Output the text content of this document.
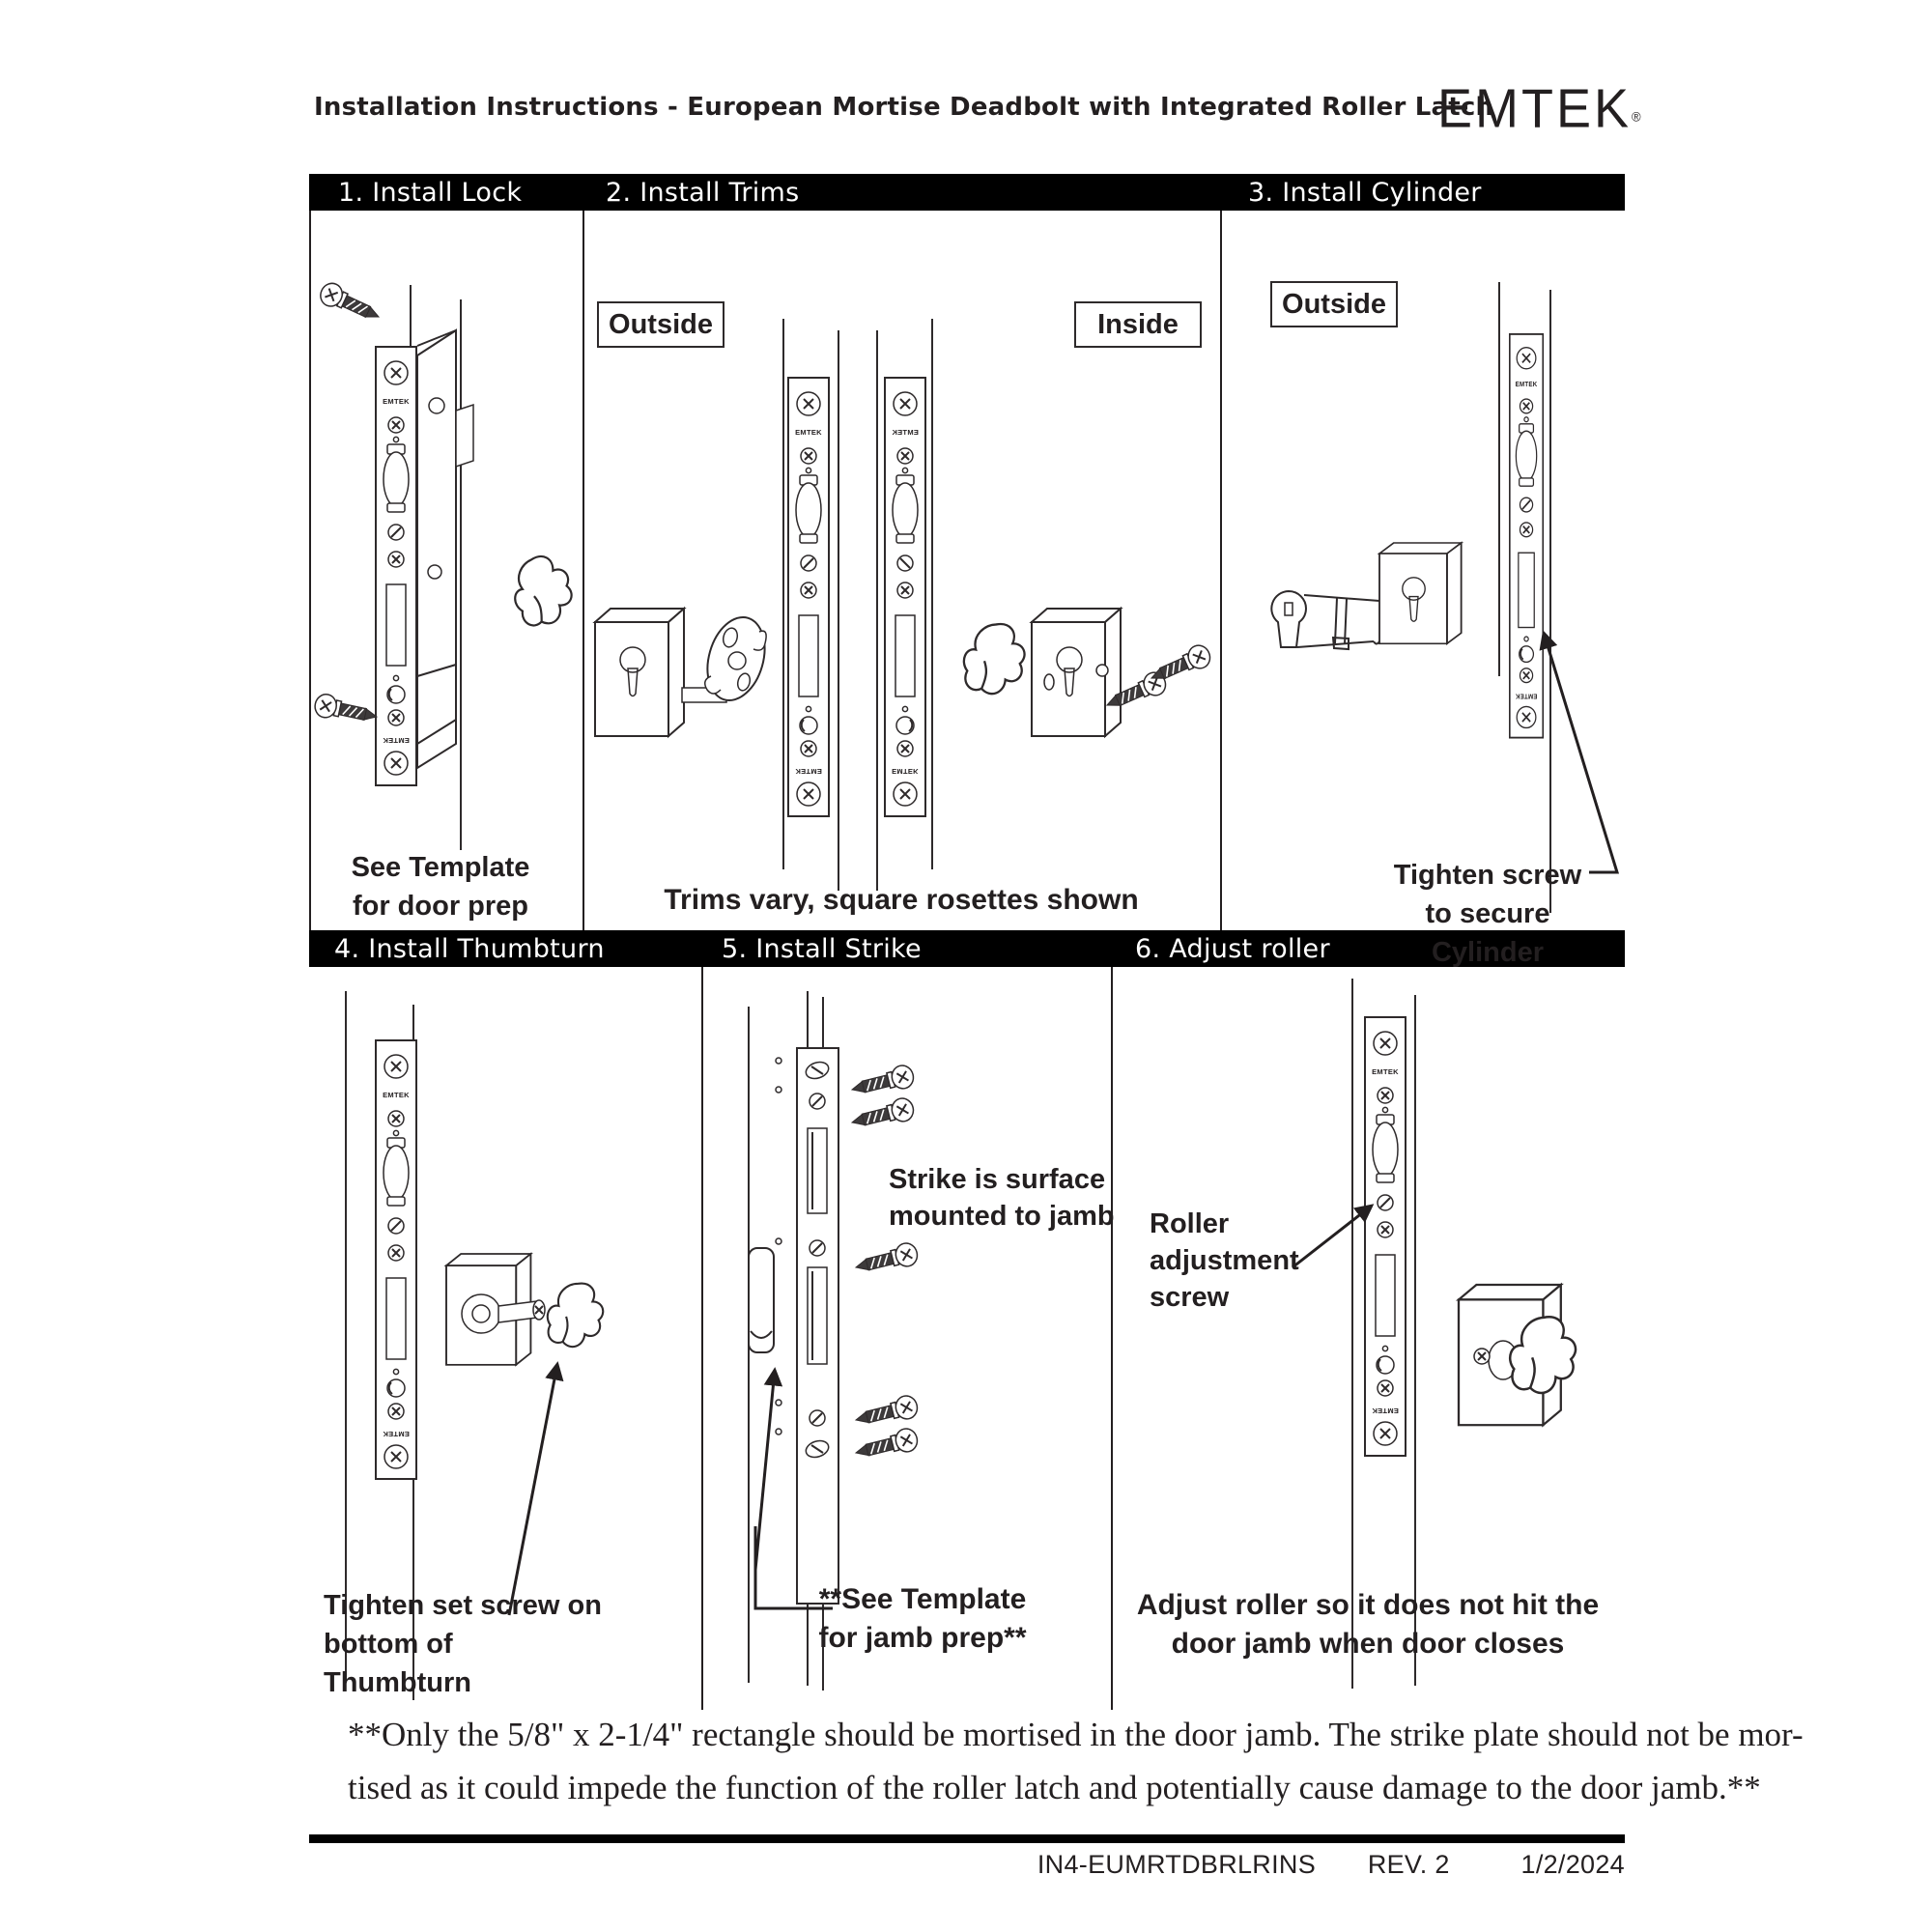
Installation Instructions - European Mortise Deadbolt with Integrated Roller Latch
EMTEK®
1. Install Lock	2. Install Trims	3. Install Cylinder
4. Install Thumbturn	5. Install Strike	6. Adjust roller
EMTEK
EMTEK
Outside	Inside
Outside
See Template
for door prep	Trims vary, square rosettes shown
Tighten screw
to secure Cylinder
Roller
adjustment
screw
Strike is surface
mounted to jamb
Tighten set screw on bottom of
Thumbturn
**See Template
for jamb prep**
Adjust roller so it does not hit the
door jamb when door closes
**Only the 5/8" x 2-1/4" rectangle should be mortised in the door jamb. The strike plate should not be mor-
tised as it could impede the function of the roller latch and potentially cause damage to the door jamb.**
IN4-EUMRTDBRLRINS REV. 2	1/2/2024
